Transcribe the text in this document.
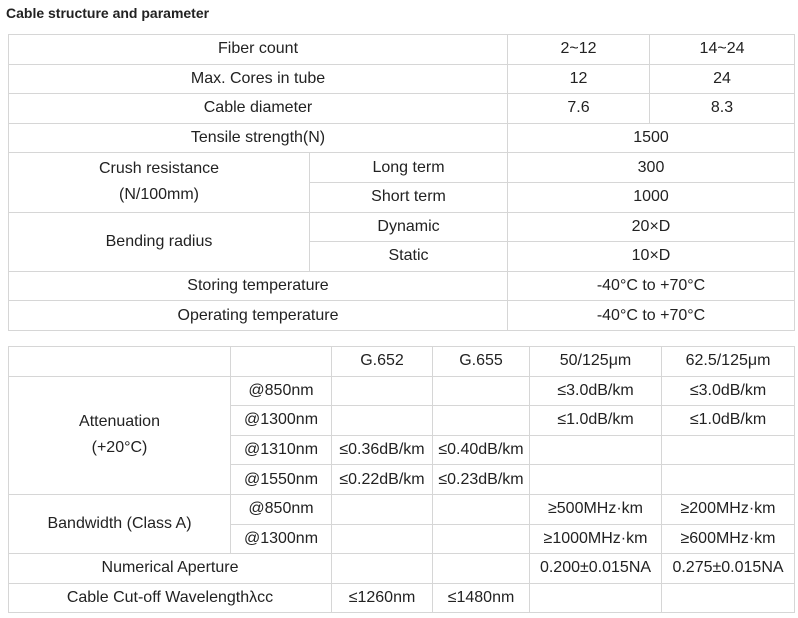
Cable structure and parameter
Fiber count		2~12	14~24
Max. Cores in tube		12	24
Cable diameter		7.6	8.3
Tensile strength(N)		1500	

Crush resistance
(N/100mm)	Long term	300	
	Short term	1000	
Bending radius	Dynamic	20×D	
	Static	10×D	
Storing temperature		-40°C to +70°C	
Operating temperature		-40°C to +70°C	
		G.652	G.655	50/125μm	62.5/125μm

Attenuation
(+20°C)	@850nm			≤3.0dB/km	≤3.0dB/km
	@1300nm			≤1.0dB/km	≤1.0dB/km
	@1310nm	≤0.36dB/km	≤0.40dB/km		
	@1550nm	≤0.22dB/km	≤0.23dB/km		
Bandwidth (Class A)	@850nm			≥500MHz·km	≥200MHz·km
	@1300nm			≥1000MHz·km	≥600MHz·km
Numerical Aperture				0.200±0.015NA	0.275±0.015NA
Cable Cut-off Wavelengthλcc		≤1260nm	≤1480nm		
